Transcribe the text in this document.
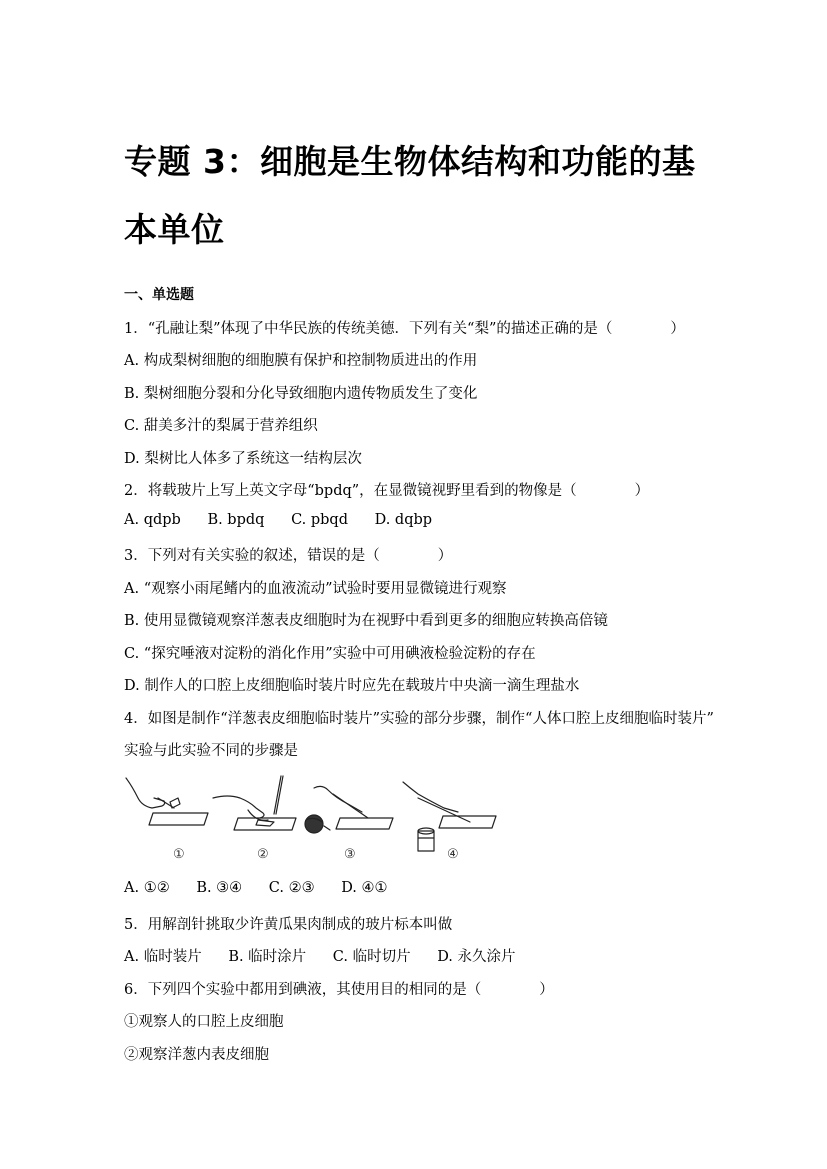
专题 3：细胞是生物体结构和功能的基本单位
一、单选题
1．“孔融让梨”体现了中华民族的传统美德．下列有关“梨”的描述正确的是（　　　　）
A. 构成梨树细胞的细胞膜有保护和控制物质进出的作用
B. 梨树细胞分裂和分化导致细胞内遗传物质发生了变化
C. 甜美多汁的梨属于营养组织
D. 梨树比人体多了系统这一结构层次
2．将载玻片上写上英文字母“bpdq”，在显微镜视野里看到的物像是（　　　　）
A. qdpb B. bpdq C. pbqd D. dqbp
3．下列对有关实验的叙述，错误的是（　　　　）
A. “观察小雨尾鳍内的血液流动”试验时要用显微镜进行观察
B. 使用显微镜观察洋葱表皮细胞时为在视野中看到更多的细胞应转换高倍镜
C. “探究唾液对淀粉的消化作用”实验中可用碘液检验淀粉的存在
D. 制作人的口腔上皮细胞临时装片时应先在载玻片中央滴一滴生理盐水
4．如图是制作“洋葱表皮细胞临时装片”实验的部分步骤，制作“人体口腔上皮细胞临时装片”
实验与此实验不同的步骤是
①	②	③	④
A. ①② B. ③④ C. ②③ D. ④①
5．用解剖针挑取少许黄瓜果肉制成的玻片标本叫做
A. 临时装片 B. 临时涂片 C. 临时切片 D. 永久涂片
6．下列四个实验中都用到碘液，其使用目的相同的是（　　　　）
①观察人的口腔上皮细胞
②观察洋葱内表皮细胞
